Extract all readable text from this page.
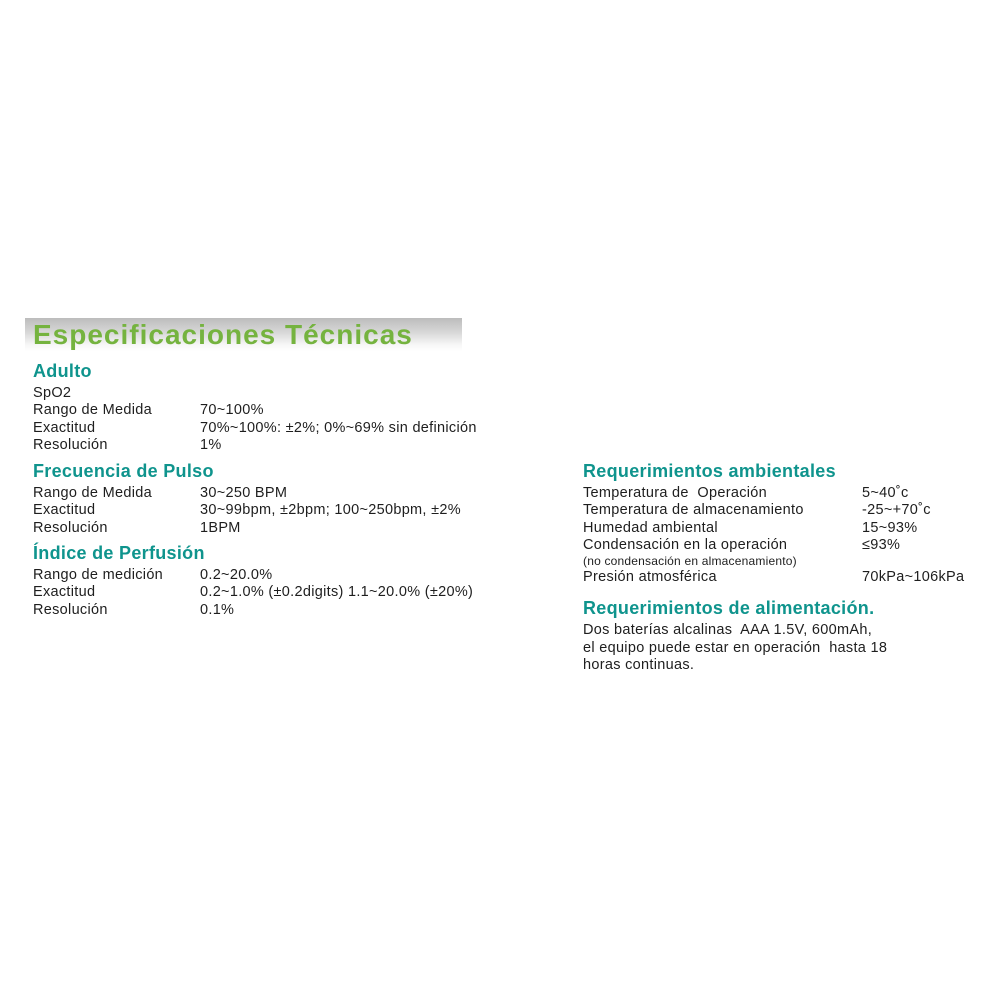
Especificaciones Técnicas
Adulto
SpO2
Rango de Medida	70~100%
Exactitud	70%~100%: ±2%; 0%~69% sin definición
Resolución	1%
Frecuencia de Pulso
Rango de Medida	30~250 BPM
Exactitud	30~99bpm, ±2bpm; 100~250bpm, ±2%
Resolución	1BPM
Índice de Perfusión
Rango de medición	0.2~20.0%
Exactitud	0.2~1.0% (±0.2digits) 1.1~20.0% (±20%)
Resolución	0.1%
Requerimientos ambientales
Temperatura de  Operación	5~40˚c
Temperatura de almacenamiento	-25~+70˚c
Humedad ambiental	15~93%
Condensación en la operación	≤93%
(no condensación en almacenamiento)
Presión atmosférica	70kPa~106kPa
Requerimientos de alimentación.
Dos baterías alcalinas  AAA 1.5V, 600mAh,
el equipo puede estar en operación  hasta 18
horas continuas.
